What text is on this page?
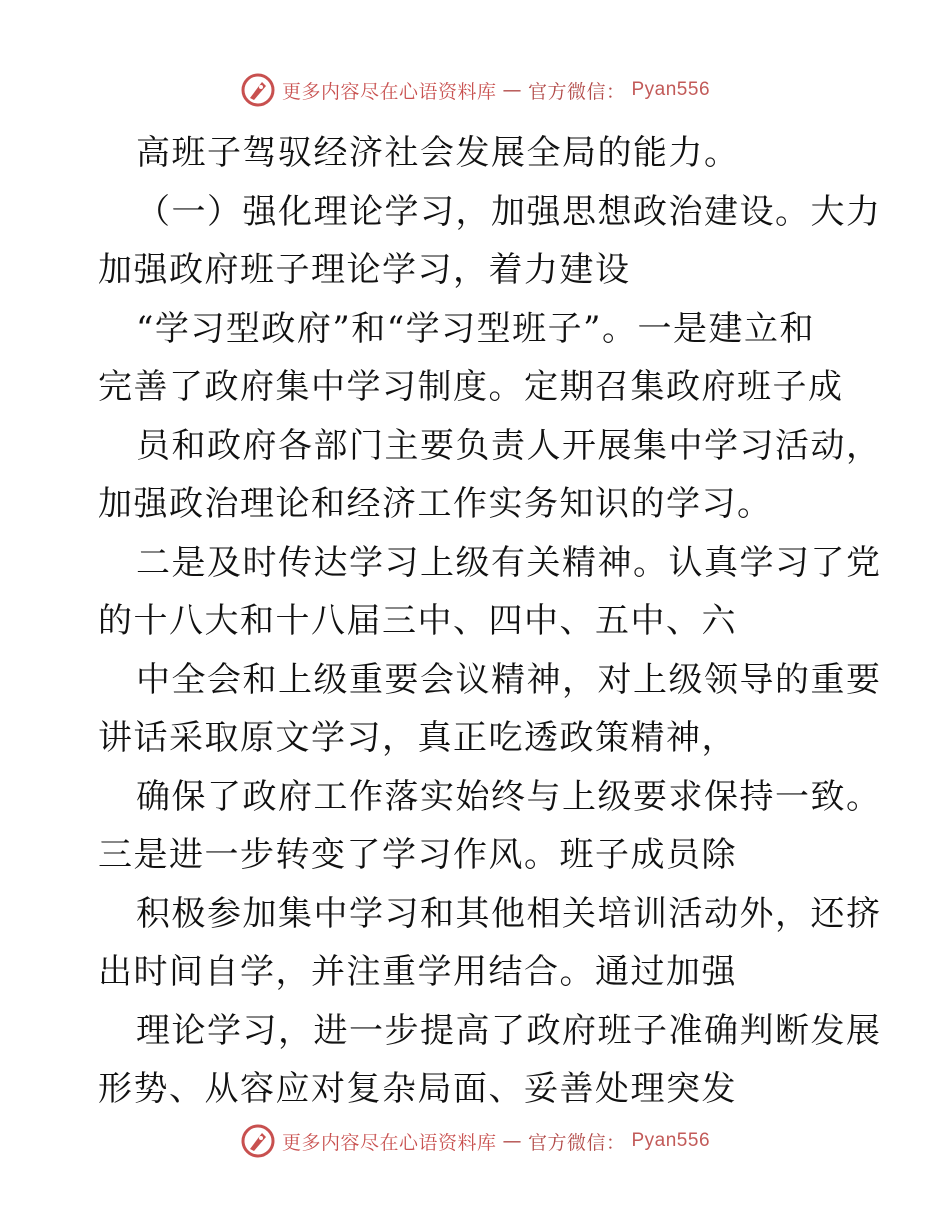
更多内容尽在心语资料库 — 官方微信： Pyan556
高班子驾驭经济社会发展全局的能力。
（一）强化理论学习，加强思想政治建设。大力
加强政府班子理论学习，着力建设
“学习型政府”和“学习型班子”。一是建立和
完善了政府集中学习制度。定期召集政府班子成
员和政府各部门主要负责人开展集中学习活动，
加强政治理论和经济工作实务知识的学习。
二是及时传达学习上级有关精神。认真学习了党
的十八大和十八届三中、四中、五中、六
中全会和上级重要会议精神，对上级领导的重要
讲话采取原文学习，真正吃透政策精神，
确保了政府工作落实始终与上级要求保持一致。
三是进一步转变了学习作风。班子成员除
积极参加集中学习和其他相关培训活动外，还挤
出时间自学，并注重学用结合。通过加强
理论学习，进一步提高了政府班子准确判断发展
形势、从容应对复杂局面、妥善处理突发
更多内容尽在心语资料库 — 官方微信： Pyan556
